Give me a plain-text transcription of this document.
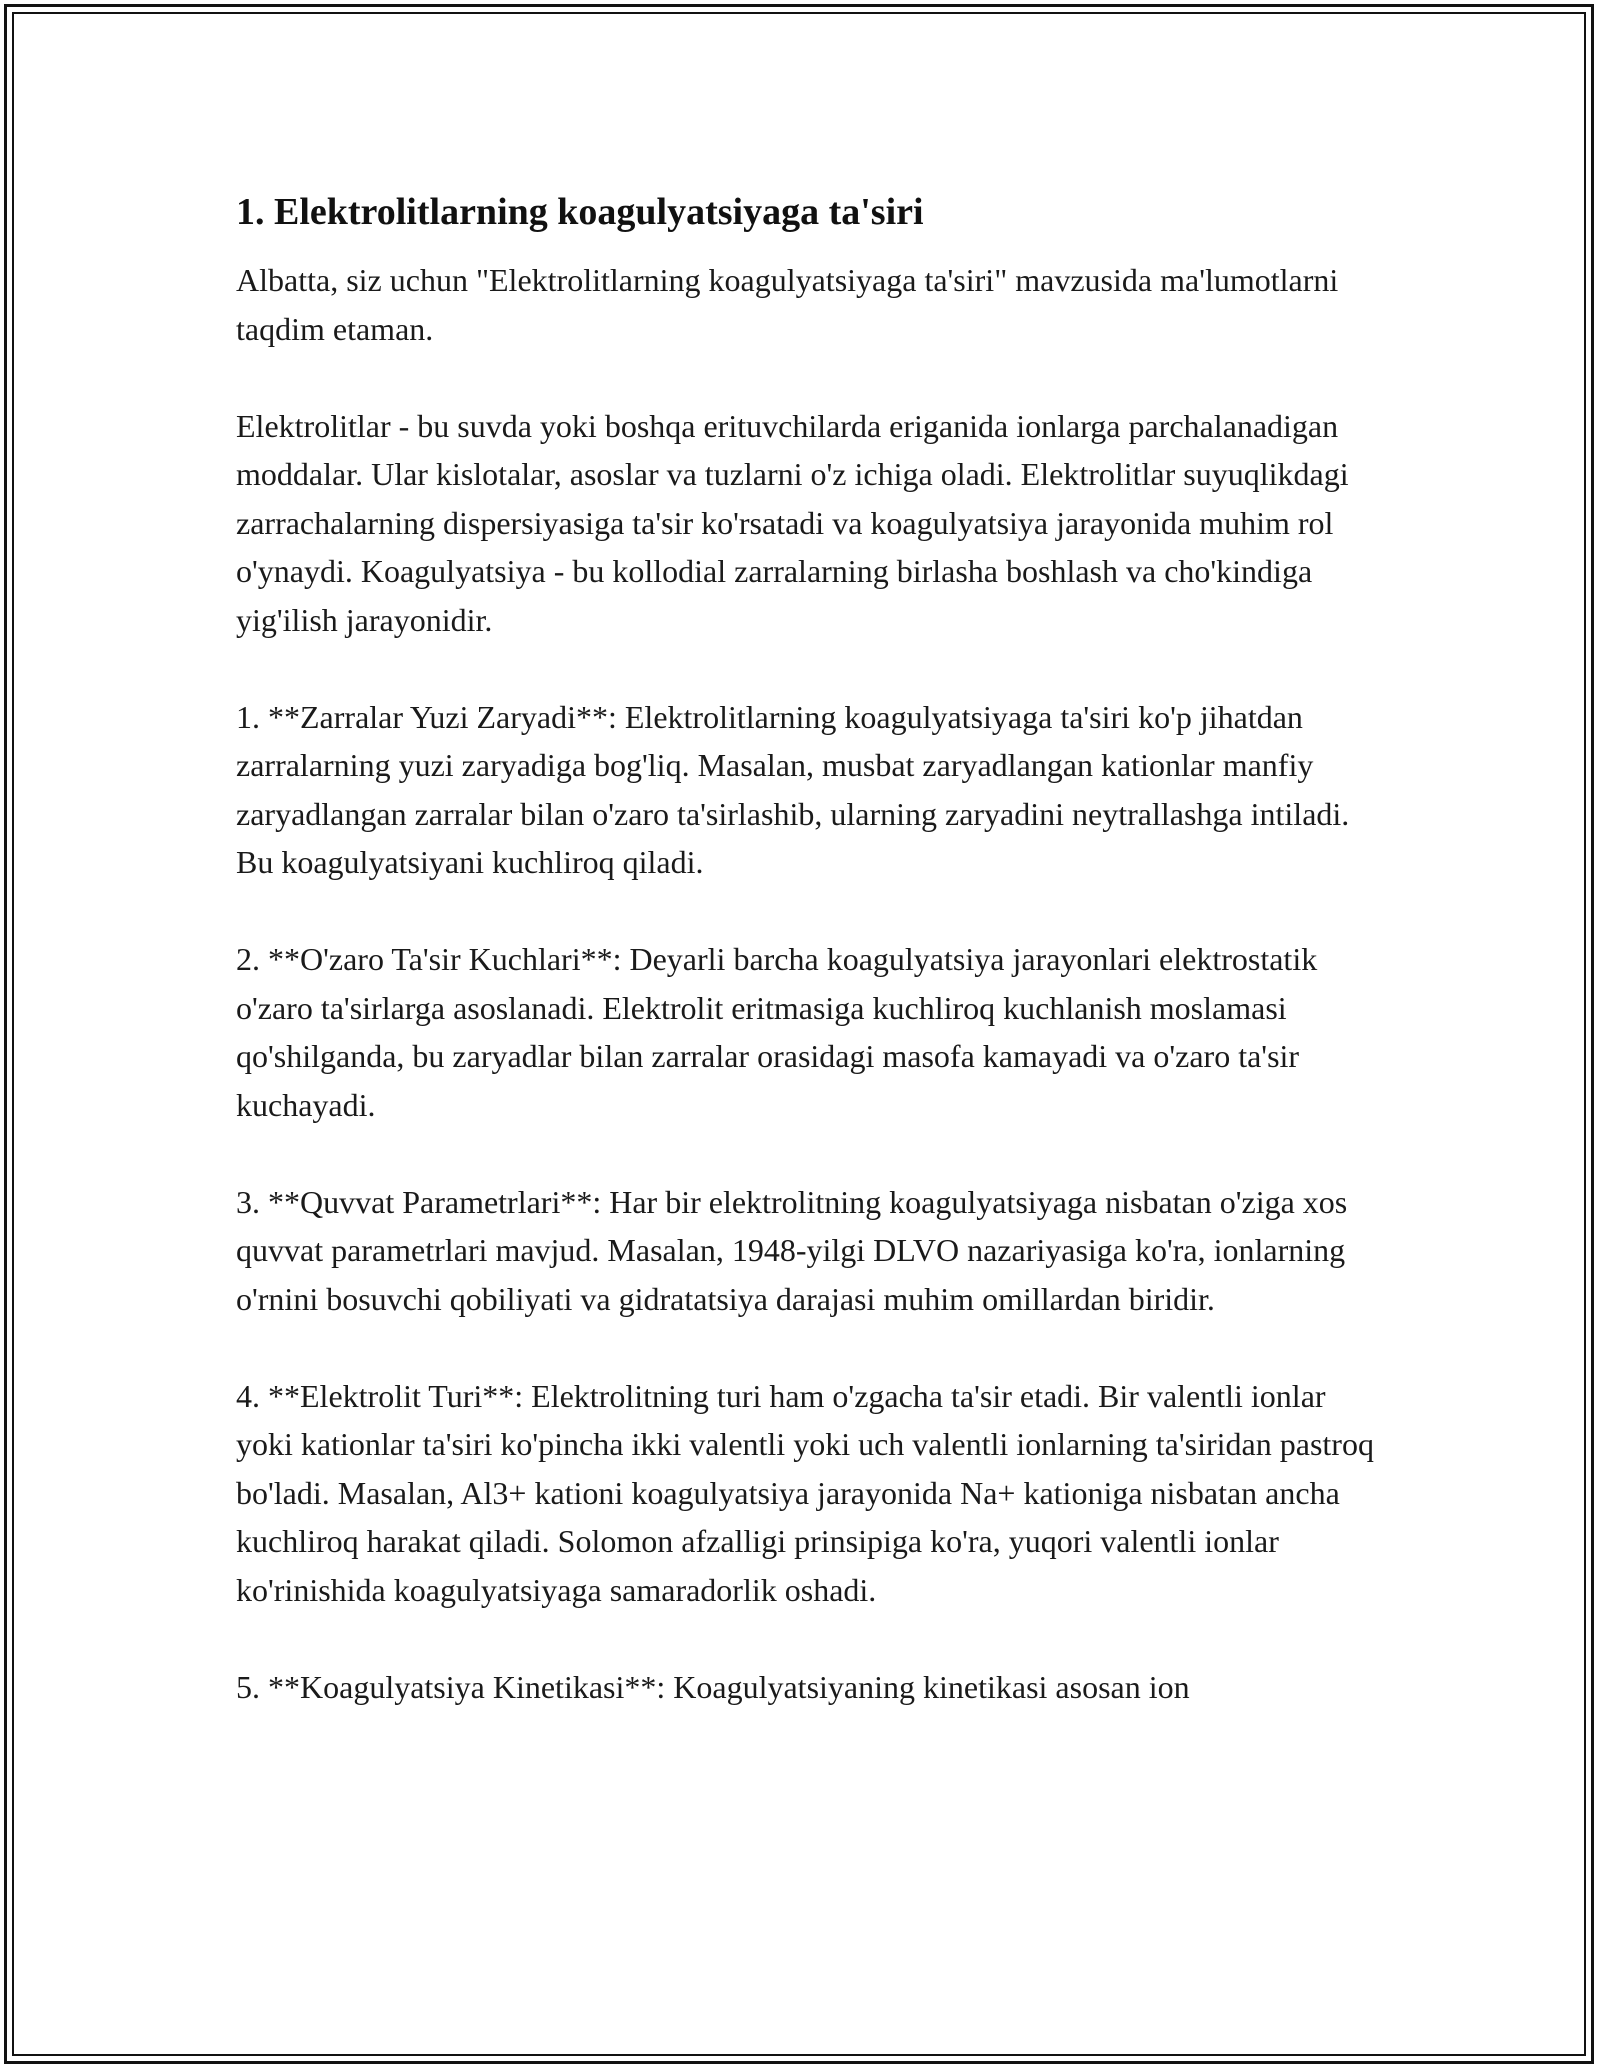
1. Elektrolitlarning koagulyatsiyaga ta'siri

Albatta, siz uchun "Elektrolitlarning koagulyatsiyaga ta'siri" mavzusida ma'lumotlarni taqdim etaman.

Elektrolitlar - bu suvda yoki boshqa erituvchilarda eriganida ionlarga parchalanadigan moddalar. Ular kislotalar, asoslar va tuzlarni o'z ichiga oladi. Elektrolitlar suyuqlikdagi zarrachalarning dispersiyasiga ta'sir ko'rsatadi va koagulyatsiya jarayonida muhim rol o'ynaydi. Koagulyatsiya - bu kollodial zarralarning birlasha boshlash va cho'kindiga yig'ilish jarayonidir.

1. **Zarralar Yuzi Zaryadi**: Elektrolitlarning koagulyatsiyaga ta'siri ko'p jihatdan zarralarning yuzi zaryadiga bog'liq. Masalan, musbat zaryadlangan kationlar manfiy zaryadlangan zarralar bilan o'zaro ta'sirlashib, ularning zaryadini neytrallashga intiladi. Bu koagulyatsiyani kuchliroq qiladi.

2. **O'zaro Ta'sir Kuchlari**: Deyarli barcha koagulyatsiya jarayonlari elektrostatik o'zaro ta'sirlarga asoslanadi. Elektrolit eritmasiga kuchliroq kuchlanish moslamasi qo'shilganda, bu zaryadlar bilan zarralar orasidagi masofa kamayadi va o'zaro ta'sir kuchayadi.

3. **Quvvat Parametrlari**: Har bir elektrolitning koagulyatsiyaga nisbatan o'ziga xos quvvat parametrlari mavjud. Masalan, 1948-yilgi DLVO nazariyasiga ko'ra, ionlarning o'rnini bosuvchi qobiliyati va gidratatsiya darajasi muhim omillardan biridir.

4. **Elektrolit Turi**: Elektrolitning turi ham o'zgacha ta'sir etadi. Bir valentli ionlar yoki kationlar ta'siri ko'pincha ikki valentli yoki uch valentli ionlarning ta'siridan pastroq bo'ladi. Masalan, Al3+ kationi koagulyatsiya jarayonida Na+ kationiga nisbatan ancha kuchliroq harakat qiladi. Solomon afzalligi prinsipiga ko'ra, yuqori valentli ionlar ko'rinishida koagulyatsiyaga samaradorlik oshadi.

5. **Koagulyatsiya Kinetikasi**: Koagulyatsiyaning kinetikasi asosan ion
